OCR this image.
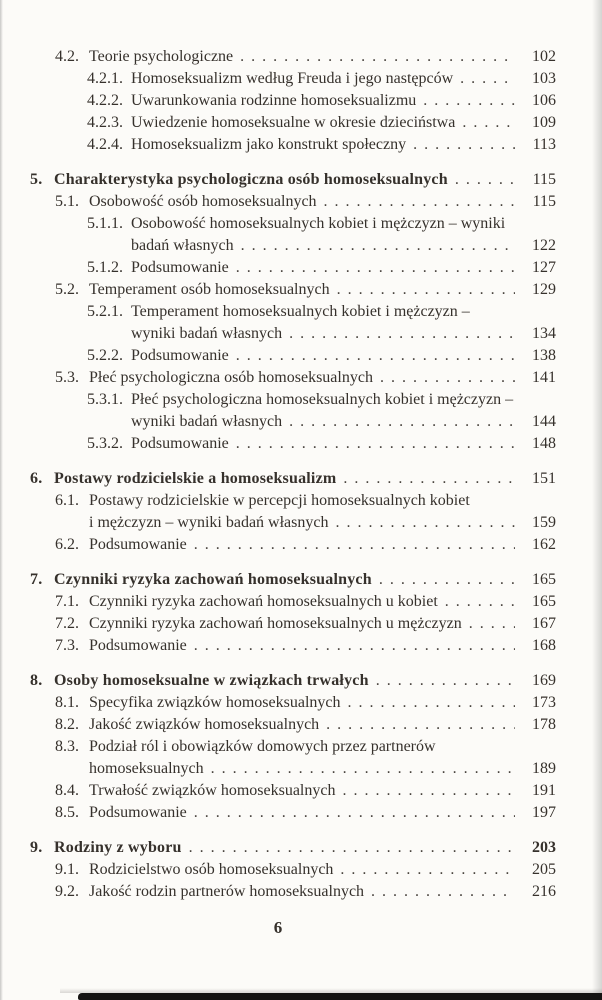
4.2. Teorie psychologiczne . . .	102
4.2.1. Homoseksualizm według Freuda i jego następców . . .	103
4.2.2. Uwarunkowania rodzinne homoseksualizmu . . .	106
4.2.3. Uwiedzenie homoseksualne w okresie dzieciństwa . . .	109
4.2.4. Homoseksualizm jako konstrukt społeczny . . .	113
5. Charakterystyka psychologiczna osób homoseksualnych . . .	115
5.1. Osobowość osób homoseksualnych . . .	115
5.1.1. Osobowość homoseksualnych kobiet i mężczyzn – wyniki
badań własnych . . .	122
5.1.2. Podsumowanie . . .	127
5.2. Temperament osób homoseksualnych . . .	129
5.2.1. Temperament homoseksualnych kobiet i mężczyzn –
wyniki badań własnych . . .	134
5.2.2. Podsumowanie . . .	138
5.3. Płeć psychologiczna osób homoseksualnych . . .	141
5.3.1. Płeć psychologiczna homoseksualnych kobiet i mężczyzn –
wyniki badań własnych . . .	144
5.3.2. Podsumowanie . . .	148
6. Postawy rodzicielskie a homoseksualizm . . .	151
6.1. Postawy rodzicielskie w percepcji homoseksualnych kobiet
i mężczyzn – wyniki badań własnych . . .	159
6.2. Podsumowanie . . .	162
7. Czynniki ryzyka zachowań homoseksualnych . . .	165
7.1. Czynniki ryzyka zachowań homoseksualnych u kobiet . . .	165
7.2. Czynniki ryzyka zachowań homoseksualnych u mężczyzn . . .	167
7.3. Podsumowanie . . .	168
8. Osoby homoseksualne w związkach trwałych . . .	169
8.1. Specyfika związków homoseksualnych . . .	173
8.2. Jakość związków homoseksualnych . . .	178
8.3. Podział ról i obowiązków domowych przez partnerów
homoseksualnych . . .	189
8.4. Trwałość związków homoseksualnych . . .	191
8.5. Podsumowanie . . .	197
9. Rodziny z wyboru . . .	203
9.1. Rodzicielstwo osób homoseksualnych . . .	205
9.2. Jakość rodzin partnerów homoseksualnych . . .	216
6
